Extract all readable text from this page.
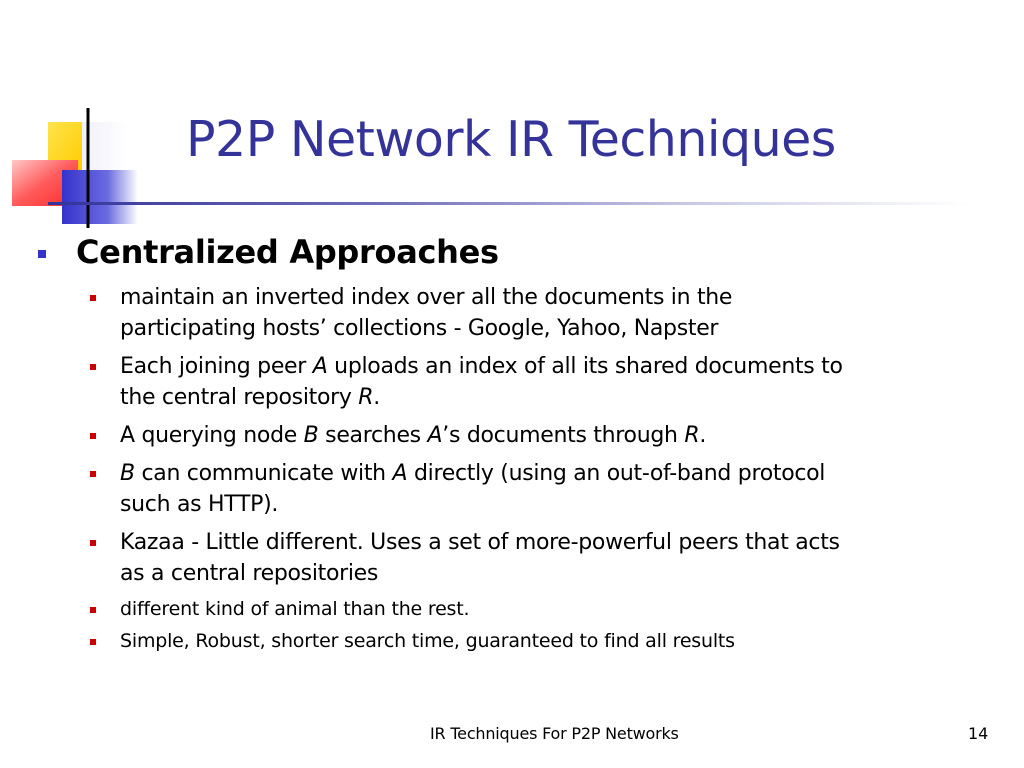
P2P Network IR Techniques
Centralized Approaches
maintain an inverted index over all the documents in the
participating hosts’ collections - Google, Yahoo, Napster
Each joining peer A uploads an index of all its shared documents to
the central repository R.
A querying node B searches A’s documents through R.
B can communicate with A directly (using an out-of-band protocol
such as HTTP).
Kazaa - Little different. Uses a set of more-powerful peers that acts
as a central repositories
different kind of animal than the rest.
Simple, Robust, shorter search time, guaranteed to find all results
IR Techniques For P2P Networks	14
